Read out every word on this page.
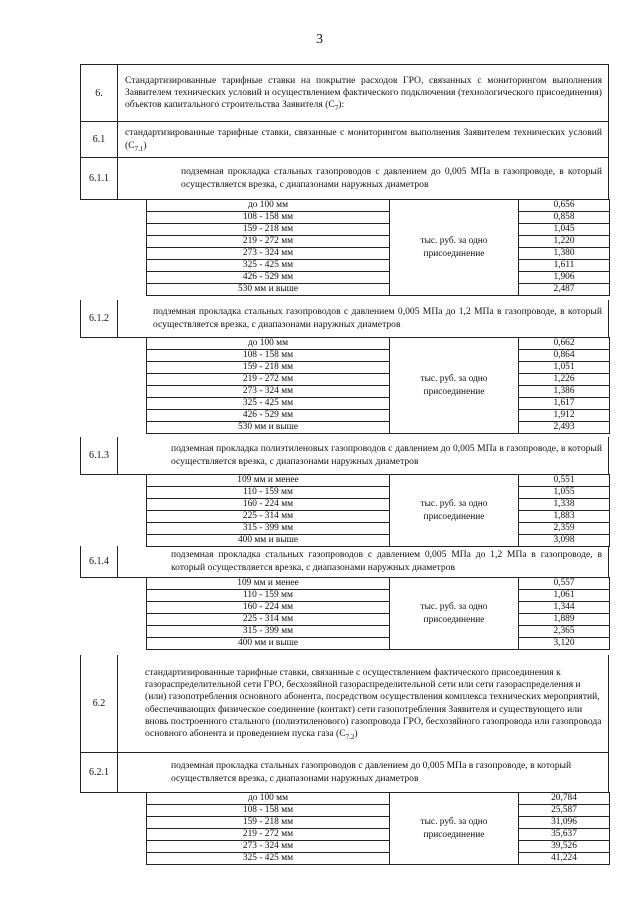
3
6.
Стандартизированные тарифные ставки на покрытие расходов ГРО, связанных с мониторингом выполнения Заявителем технических условий и осуществлением фактического подключения (технологического присоединения) объектов капитального строительства Заявителя $(С_7)$:
6.1
стандартизированные тарифные ставки, связанные с мониторингом выполнения Заявителем технических условий $(С_{7.1})$
6.1.1
подземная прокладка стальных газопроводов с давлением до 0,005 МПа в газопроводе, в который осуществляется врезка, с диапазонами наружных диаметров
до 100 мм	тыс. руб. за одно присоединение	0,656
108 - 158 мм		0,858
159 - 218 мм		1,045
219 - 272 мм		1,220
273 - 324 мм		1,380
325 - 425 мм		1,611
426 - 529 мм		1,906
530 мм и выше		2,487
6.1.2
подземная прокладка стальных газопроводов с давлением 0,005 МПа до 1,2 МПа в газопроводе, в который осуществляется врезка, с диапазонами наружных диаметров
до 100 мм	тыс. руб. за одно присоединение	0,662
108 - 158 мм		0,864
159 - 218 мм		1,051
219 - 272 мм		1,226
273 - 324 мм		1,386
325 - 425 мм		1,617
426 - 529 мм		1,912
530 мм и выше		2,493
6.1.3
подземная прокладка полиэтиленовых газопроводов с давлением до 0,005 МПа в газопроводе, в который осуществляется врезка, с диапазонами наружных диаметров
109 мм и менее	тыс. руб. за одно присоединение	0,551
110 - 159 мм		1,055
160 - 224 мм		1,338
225 - 314 мм		1,883
315 - 399 мм		2,359
400 мм и выше		3,098
6.1.4
подземная прокладка стальных газопроводов с давлением 0,005 МПа до 1,2 МПа в газопроводе, в который осуществляется врезка, с диапазонами наружных диаметров
109 мм и менее	тыс. руб. за одно присоединение	0,557
110 - 159 мм		1,061
160 - 224 мм		1,344
225 - 314 мм		1,889
315 - 399 мм		2,365
400 мм и выше		3,120
6.2
стандартизированные тарифные ставки, связанные с осуществлением фактического присоединения к газораспределительной сети ГРО, бесхозяйной газораспределительной сети или сети газораспределения и (или) газопотребления основного абонента, посредством осуществления комплекса технических мероприятий, обеспечивающих физическое соединение (контакт) сети газопотребления Заявителя и существующего или вновь построенного стального (полиэтиленового) газопровода ГРО, бесхозяйного газопровода или газопровода основного абонента и проведением пуска газа $(С_{7.2})$
6.2.1
подземная прокладка стальных газопроводов с давлением до 0,005 МПа в газопроводе, в который осуществляется врезка, с диапазонами наружных диаметров
до 100 мм	тыс. руб. за одно присоединение	20,784
108 - 158 мм		25,587
159 - 218 мм		31,096
219 - 272 мм		35,637
273 - 324 мм		39,526
325 - 425 мм		41,224
